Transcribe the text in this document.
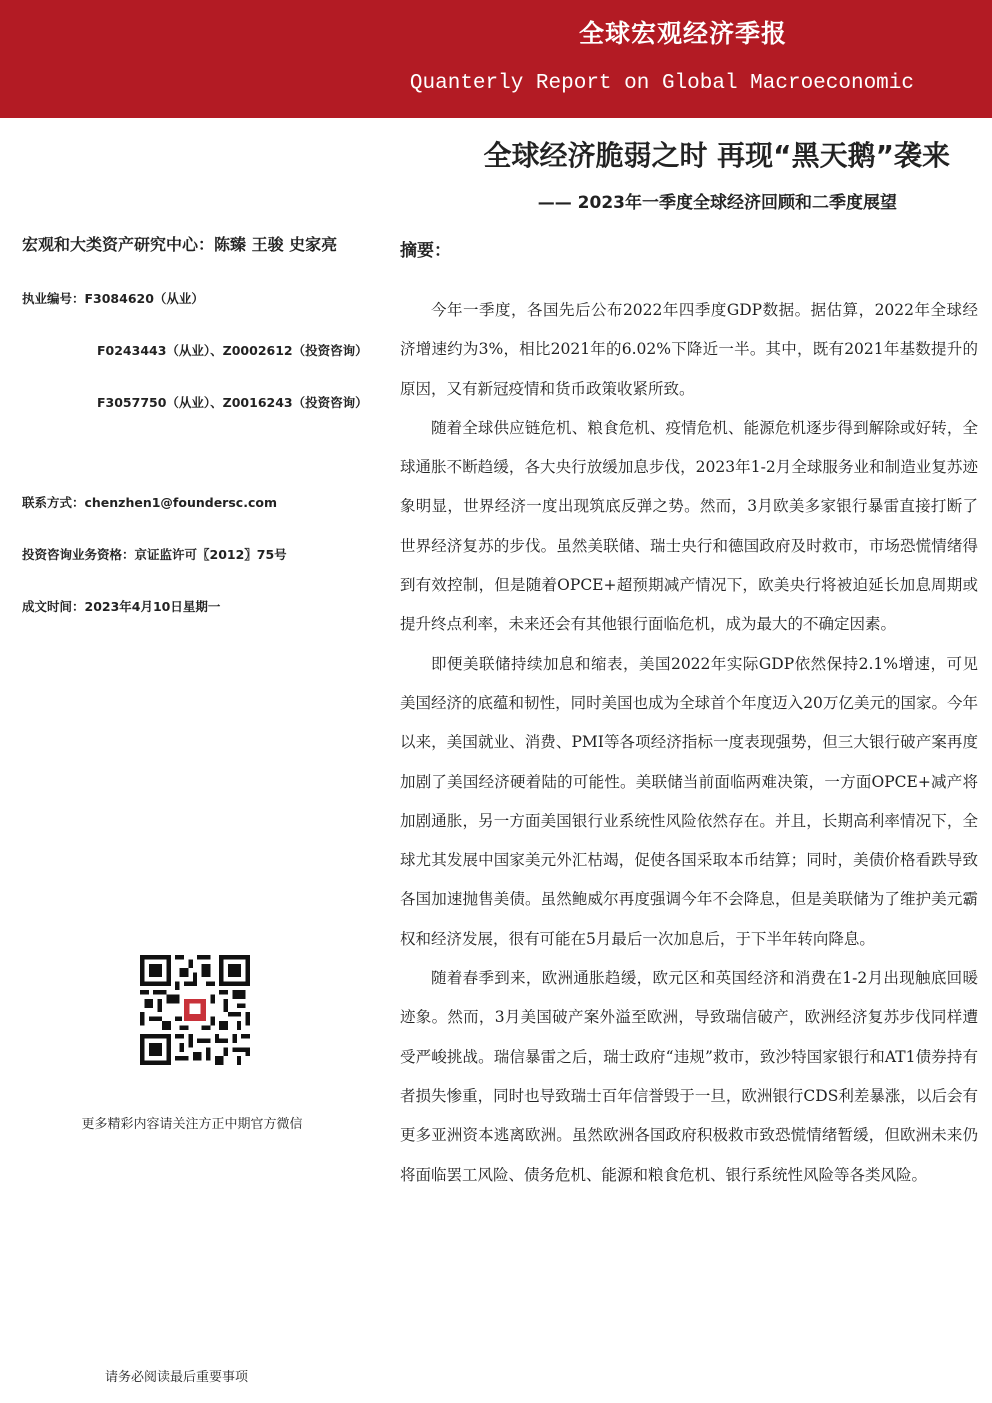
全球宏观经济季报
Quanterly Report on Global Macroeconomic
全球经济脆弱之时 再现“黑天鹅”袭来
—— 2023年一季度全球经济回顾和二季度展望
宏观和大类资产研究中心：陈臻 王骏 史家亮
执业编号：F3084620（从业）
F0243443（从业）、Z0002612（投资咨询）
F3057750（从业）、Z0016243（投资咨询）
联系方式：chenzhen1@foundersc.com
投资咨询业务资格：京证监许可〖2012〗75号
成文时间：2023年4月10日星期一
更多精彩内容请关注方正中期官方微信
摘要：

今年一季度，各国先后公布2022年四季度GDP数据。据估算，2022年全球经济增速约为3%，相比2021年的6.02%下降近一半。其中，既有2021年基数提升的原因，又有新冠疫情和货币政策收紧所致。

随着全球供应链危机、粮食危机、疫情危机、能源危机逐步得到解除或好转，全球通胀不断趋缓，各大央行放缓加息步伐，2023年1-2月全球服务业和制造业复苏迹象明显，世界经济一度出现筑底反弹之势。然而，3月欧美多家银行暴雷直接打断了世界经济复苏的步伐。虽然美联储、瑞士央行和德国政府及时救市，市场恐慌情绪得到有效控制，但是随着OPCE+超预期减产情况下，欧美央行将被迫延长加息周期或提升终点利率，未来还会有其他银行面临危机，成为最大的不确定因素。

即便美联储持续加息和缩表，美国2022年实际GDP依然保持2.1%增速，可见美国经济的底蕴和韧性，同时美国也成为全球首个年度迈入20万亿美元的国家。今年以来，美国就业、消费、PMI等各项经济指标一度表现强势，但三大银行破产案再度加剧了美国经济硬着陆的可能性。美联储当前面临两难决策，一方面OPCE+减产将加剧通胀，另一方面美国银行业系统性风险依然存在。并且，长期高利率情况下，全球尤其发展中国家美元外汇枯竭，促使各国采取本币结算；同时，美债价格看跌导致各国加速抛售美债。虽然鲍威尔再度强调今年不会降息，但是美联储为了维护美元霸权和经济发展，很有可能在5月最后一次加息后，于下半年转向降息。

随着春季到来，欧洲通胀趋缓，欧元区和英国经济和消费在1-2月出现触底回暖迹象。然而，3月美国破产案外溢至欧洲，导致瑞信破产，欧洲经济复苏步伐同样遭受严峻挑战。瑞信暴雷之后，瑞士政府“违规”救市，致沙特国家银行和AT1债券持有者损失惨重，同时也导致瑞士百年信誉毁于一旦，欧洲银行CDS利差暴涨，以后会有更多亚洲资本逃离欧洲。虽然欧洲各国政府积极救市致恐慌情绪暂缓，但欧洲未来仍将面临罢工风险、债务危机、能源和粮食危机、银行系统性风险等各类风险。

请务必阅读最后重要事项
